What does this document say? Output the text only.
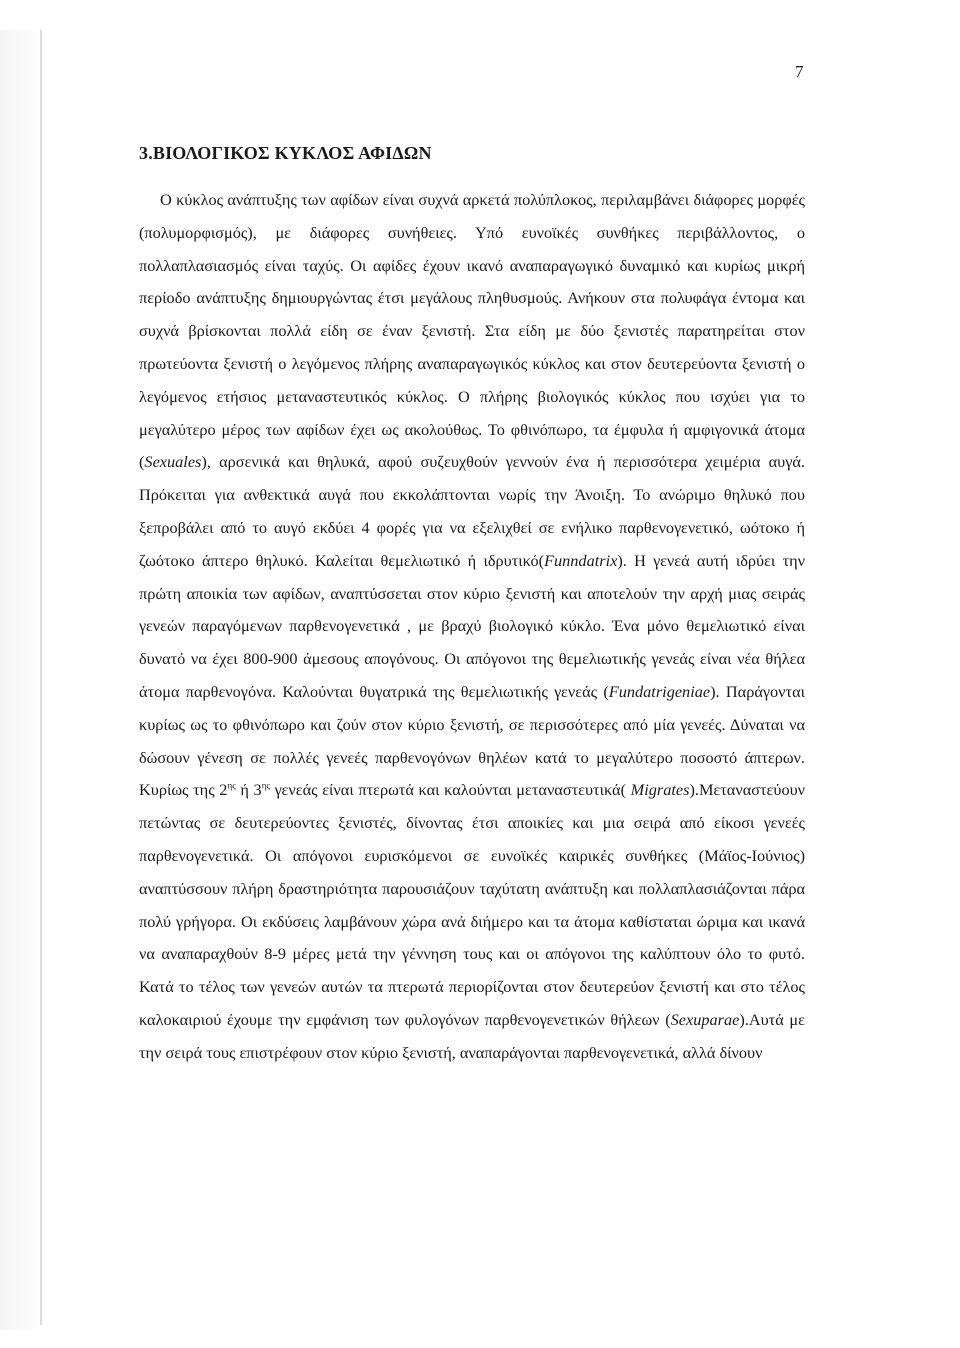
7
3.ΒΙΟΛΟΓΙΚΟΣ ΚΥΚΛΟΣ ΑΦΙΔΩΝ

Ο κύκλος ανάπτυξης των αφίδων είναι συχνά αρκετά πολύπλοκος, περιλαμβάνει διάφορες μορφές (πολυμορφισμός), με διάφορες συνήθειες. Υπό ευνοϊκές συνθήκες περιβάλλοντος, ο πολλαπλασιασμός είναι ταχύς. Οι αφίδες έχουν ικανό αναπαραγωγικό δυναμικό και κυρίως μικρή περίοδο ανάπτυξης δημιουργώντας έτσι μεγάλους πληθυσμούς. Ανήκουν στα πολυφάγα έντομα και συχνά βρίσκονται πολλά είδη σε έναν ξενιστή. Στα είδη με δύο ξενιστές παρατηρείται στον πρωτεύοντα ξενιστή ο λεγόμενος πλήρης αναπαραγωγικός κύκλος και στον δευτερεύοντα ξενιστή ο λεγόμενος ετήσιος μεταναστευτικός κύκλος. Ο πλήρης βιολογικός κύκλος που ισχύει για το μεγαλύτερο μέρος των αφίδων έχει ως ακολούθως. Το φθινόπωρο, τα έμφυλα ή αμφιγονικά άτομα (Sexuales), αρσενικά και θηλυκά, αφού συζευχθούν γεννούν ένα ή περισσότερα χειμέρια αυγά. Πρόκειται για ανθεκτικά αυγά που εκκολάπτονται νωρίς την Άνοιξη. Το ανώριμο θηλυκό που ξεπροβάλει από το αυγό εκδύει 4 φορές για να εξελιχθεί σε ενήλικο παρθενογενετικό, ωότοκο ή ζωότοκο άπτερο θηλυκό. Καλείται θεμελιωτικό ή ιδρυτικό(Funndatrix). Η γενεά αυτή ιδρύει την πρώτη αποικία των αφίδων, αναπτύσσεται στον κύριο ξενιστή και αποτελούν την αρχή μιας σειράς γενεών παραγόμενων παρθενογενετικά , με βραχύ βιολογικό κύκλο. Ένα μόνο θεμελιωτικό είναι δυνατό να έχει 800-900 άμεσους απογόνους. Οι απόγονοι της θεμελιωτικής γενεάς είναι νέα θήλεα άτομα παρθενογόνα. Καλούνται θυγατρικά της θεμελιωτικής γενεάς (Fundatrigeniae). Παράγονται κυρίως ως το φθινόπωρο και ζούν στον κύριο ξενιστή, σε περισσότερες από μία γενεές. Δύναται να δώσουν γένεση σε πολλές γενεές παρθενογόνων θηλέων κατά το μεγαλύτερο ποσοστό άπτερων. Κυρίως της $2^{\eta\varsigma}$ ή $3^{\eta\varsigma}$ γενεάς είναι πτερωτά και καλούνται μεταναστευτικά( Migrates).Μεταναστεύουν πετώντας σε δευτερεύοντες ξενιστές, δίνοντας έτσι αποικίες και μια σειρά από είκοσι γενεές παρθενογενετικά. Οι απόγονοι ευρισκόμενοι σε ευνοϊκές καιρικές συνθήκες (Μάϊος-Ιούνιος) αναπτύσσουν πλήρη δραστηριότητα παρουσιάζουν ταχύτατη ανάπτυξη και πολλαπλασιάζονται πάρα πολύ γρήγορα. Οι εκδύσεις λαμβάνουν χώρα ανά διήμερο και τα άτομα καθίσταται ώριμα και ικανά να αναπαραχθούν 8-9 μέρες μετά την γέννηση τους και οι απόγονοι της καλύπτουν όλο το φυτό. Κατά το τέλος των γενεών αυτών τα πτερωτά περιορίζονται στον δευτερεύον ξενιστή και στο τέλος καλοκαιριού έχουμε την εμφάνιση των φυλογόνων παρθενογενετικών θήλεων (Sexuparae).Αυτά με την σειρά τους επιστρέφουν στον κύριο ξενιστή, αναπαράγονται παρθενογενετικά, αλλά δίνουν
